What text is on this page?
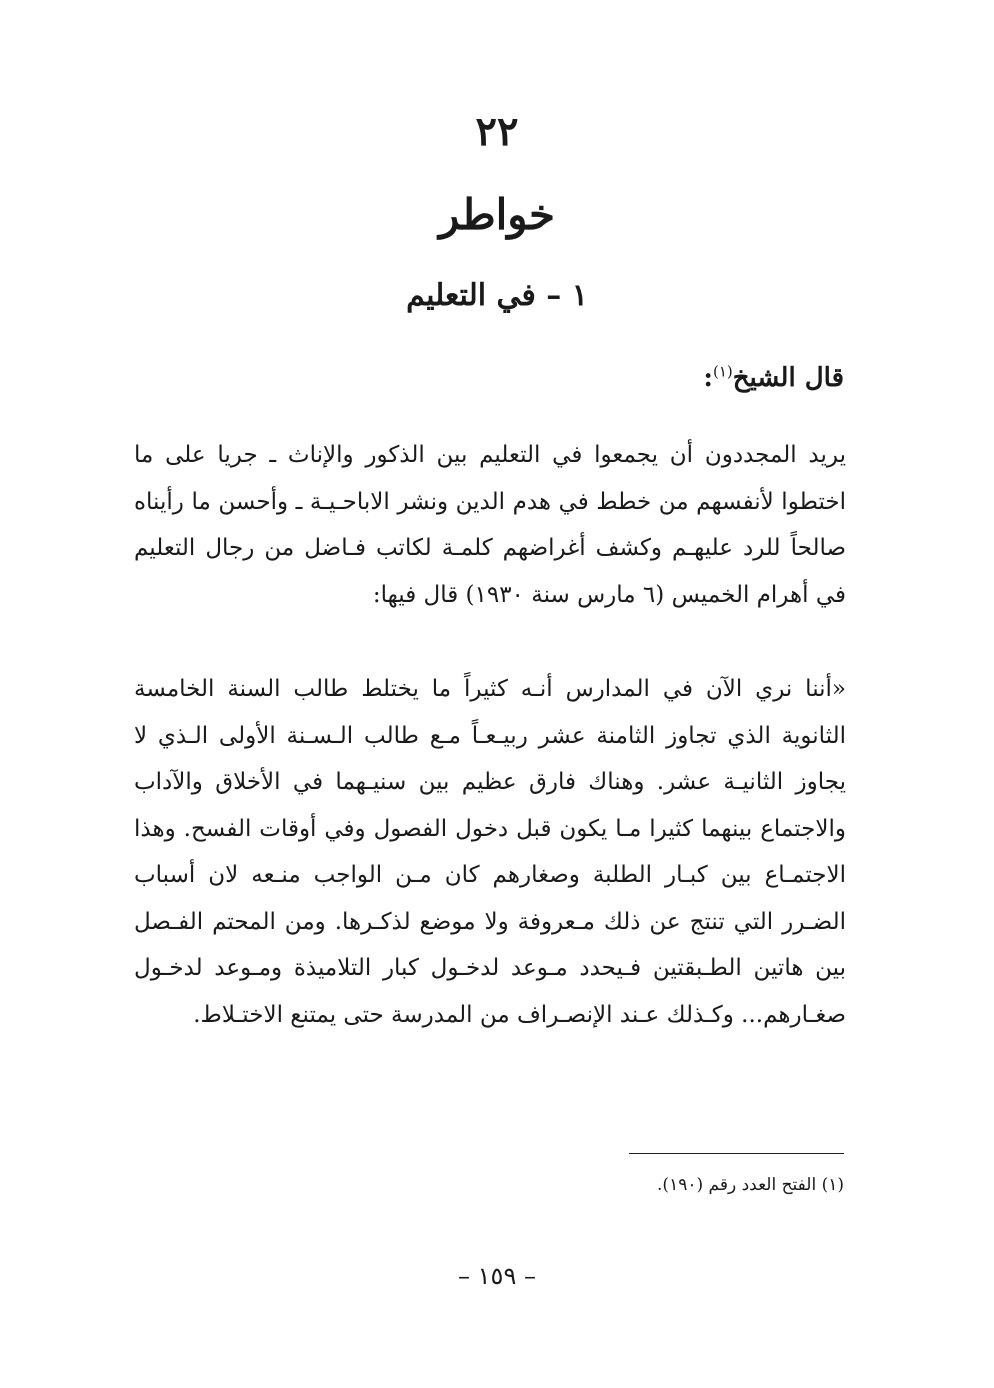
٢٢
خواطر
١ – في التعليم
قال الشيخ$^{(١)}$:
يريد المجددون أن يجمعوا في التعليم بين الذكور والإناث ـ جريا على ما اختطوا لأنفسهم من خطط في هدم الدين ونشر الاباحـيـة ـ وأحسن ما رأيناه صالحاً للرد عليهـم وكشف أغراضهم كلمـة لكاتب فـاضل من رجال التعليم في أهرام الخميس (٦ مارس سنة ١٩٣٠) قال فيها:
«أننا نري الآن في المدارس أنـه كثيراً ما يختلط طالب السنة الخامسة الثانوية الذي تجاوز الثامنة عشر ربيـعـاً مـع طالب الـسـنة الأولى الـذي لا يجاوز الثانيـة عشر. وهناك فارق عظيم بين سنيـهما في الأخلاق والآداب والاجتماع بينهما كثيرا مـا يكون قبل دخول الفصول وفي أوقات الفسح. وهذا الاجتمـاع بين كبـار الطلبة وصغارهم كان مـن الواجب منـعه لان أسباب الضـرر التي تنتج عن ذلك مـعروفة ولا موضع لذكـرها. ومن المحتم الفـصل بين هاتين الطـبقتين فـيحدد مـوعد لدخـول كبار التلاميذة ومـوعد لدخـول صغـارهم... وكـذلك عـند الإنصـراف من المدرسة حتى يمتنع الاختـلاط.
(١) الفتح العدد رقم (١٩٠).
– ١٥٩ –
